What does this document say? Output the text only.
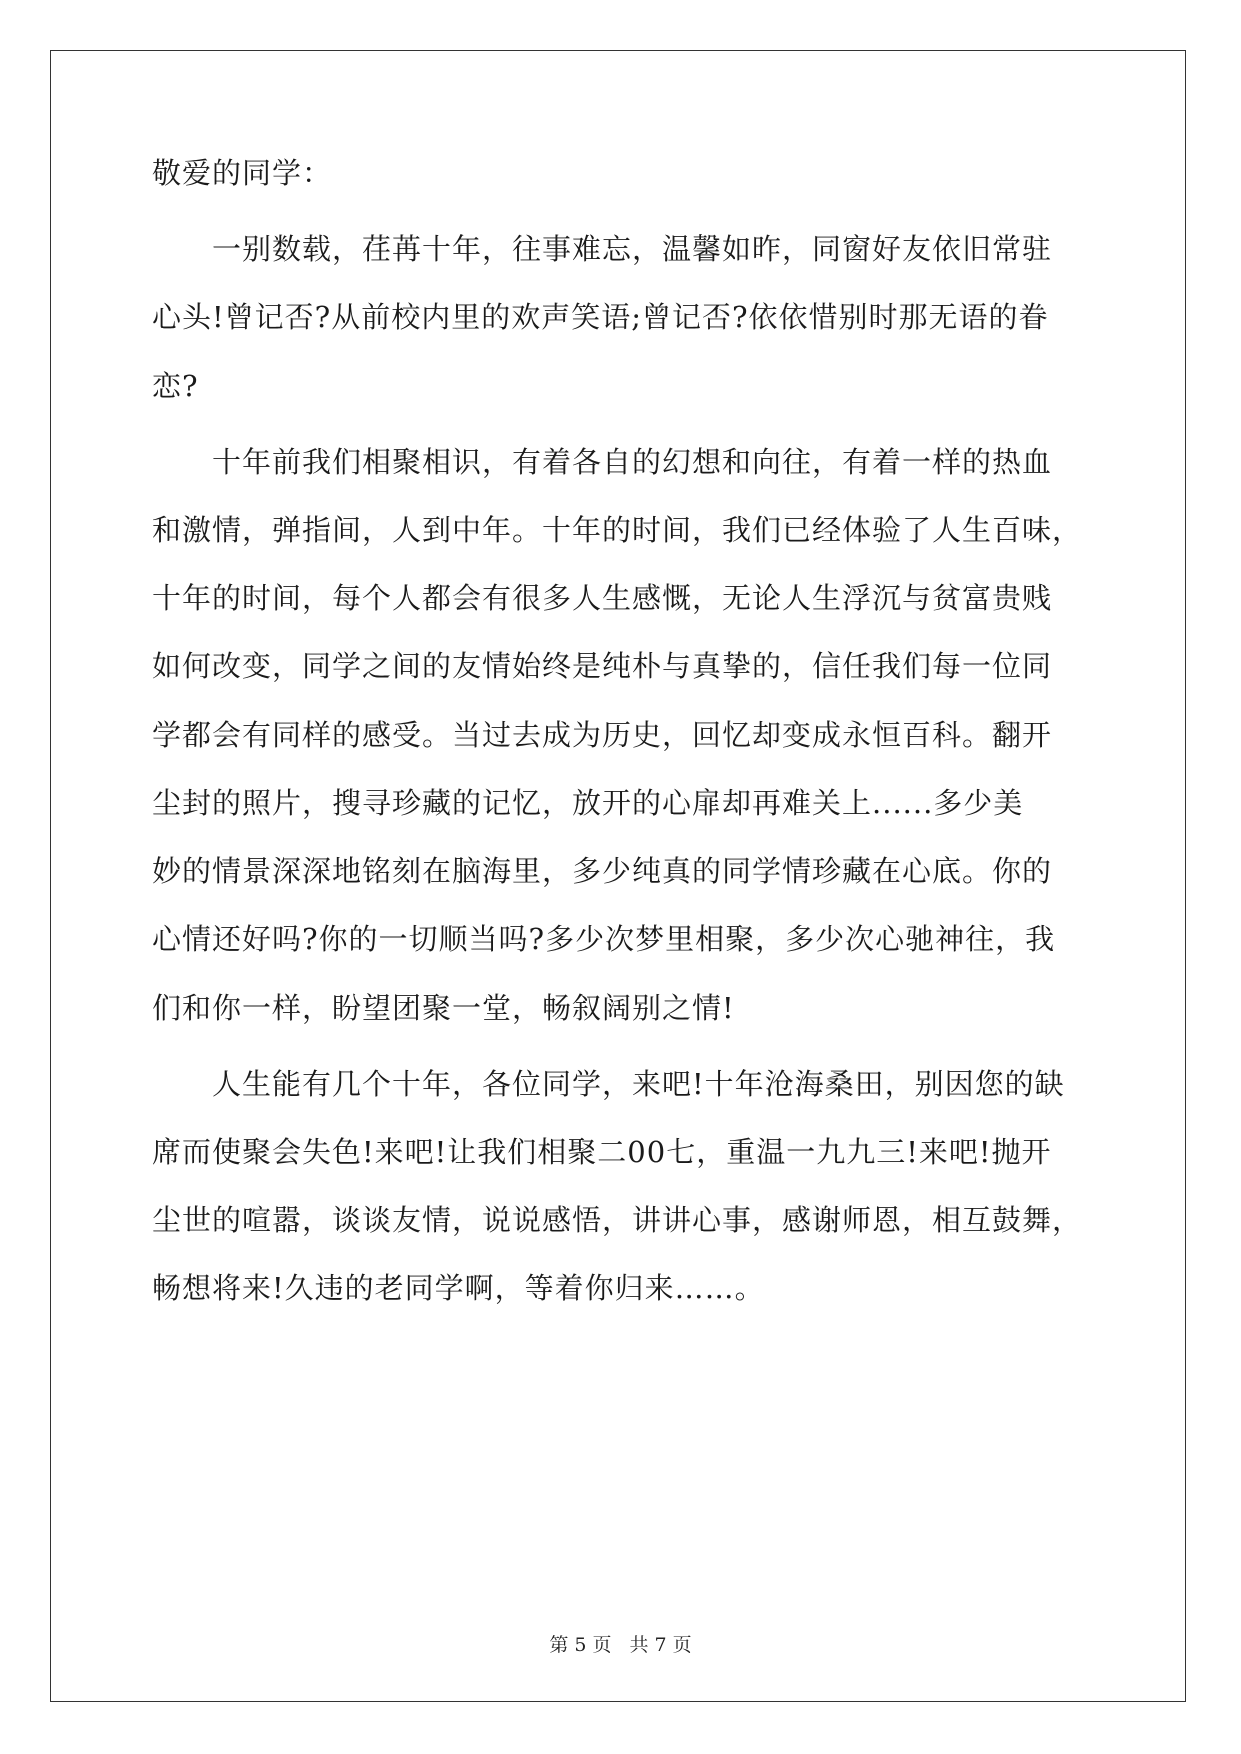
敬爱的同学：
一别数载，荏苒十年，往事难忘，温馨如昨，同窗好友依旧常驻
心头!曾记否?从前校内里的欢声笑语;曾记否?依依惜别时那无语的眷
恋?
十年前我们相聚相识，有着各自的幻想和向往，有着一样的热血
和激情，弹指间，人到中年。十年的时间，我们已经体验了人生百味，
十年的时间，每个人都会有很多人生感慨，无论人生浮沉与贫富贵贱
如何改变，同学之间的友情始终是纯朴与真挚的，信任我们每一位同
学都会有同样的感受。当过去成为历史，回忆却变成永恒百科。翻开
尘封的照片，搜寻珍藏的记忆，放开的心扉却再难关上......多少美
妙的情景深深地铭刻在脑海里，多少纯真的同学情珍藏在心底。你的
心情还好吗?你的一切顺当吗?多少次梦里相聚，多少次心驰神往，我
们和你一样，盼望团聚一堂，畅叙阔别之情!
人生能有几个十年，各位同学，来吧!十年沧海桑田，别因您的缺
席而使聚会失色!来吧!让我们相聚二00七，重温一九九三!来吧!抛开
尘世的喧嚣，谈谈友情，说说感悟，讲讲心事，感谢师恩，相互鼓舞，
畅想将来!久违的老同学啊，等着你归来……。
第 5 页 共 7 页
